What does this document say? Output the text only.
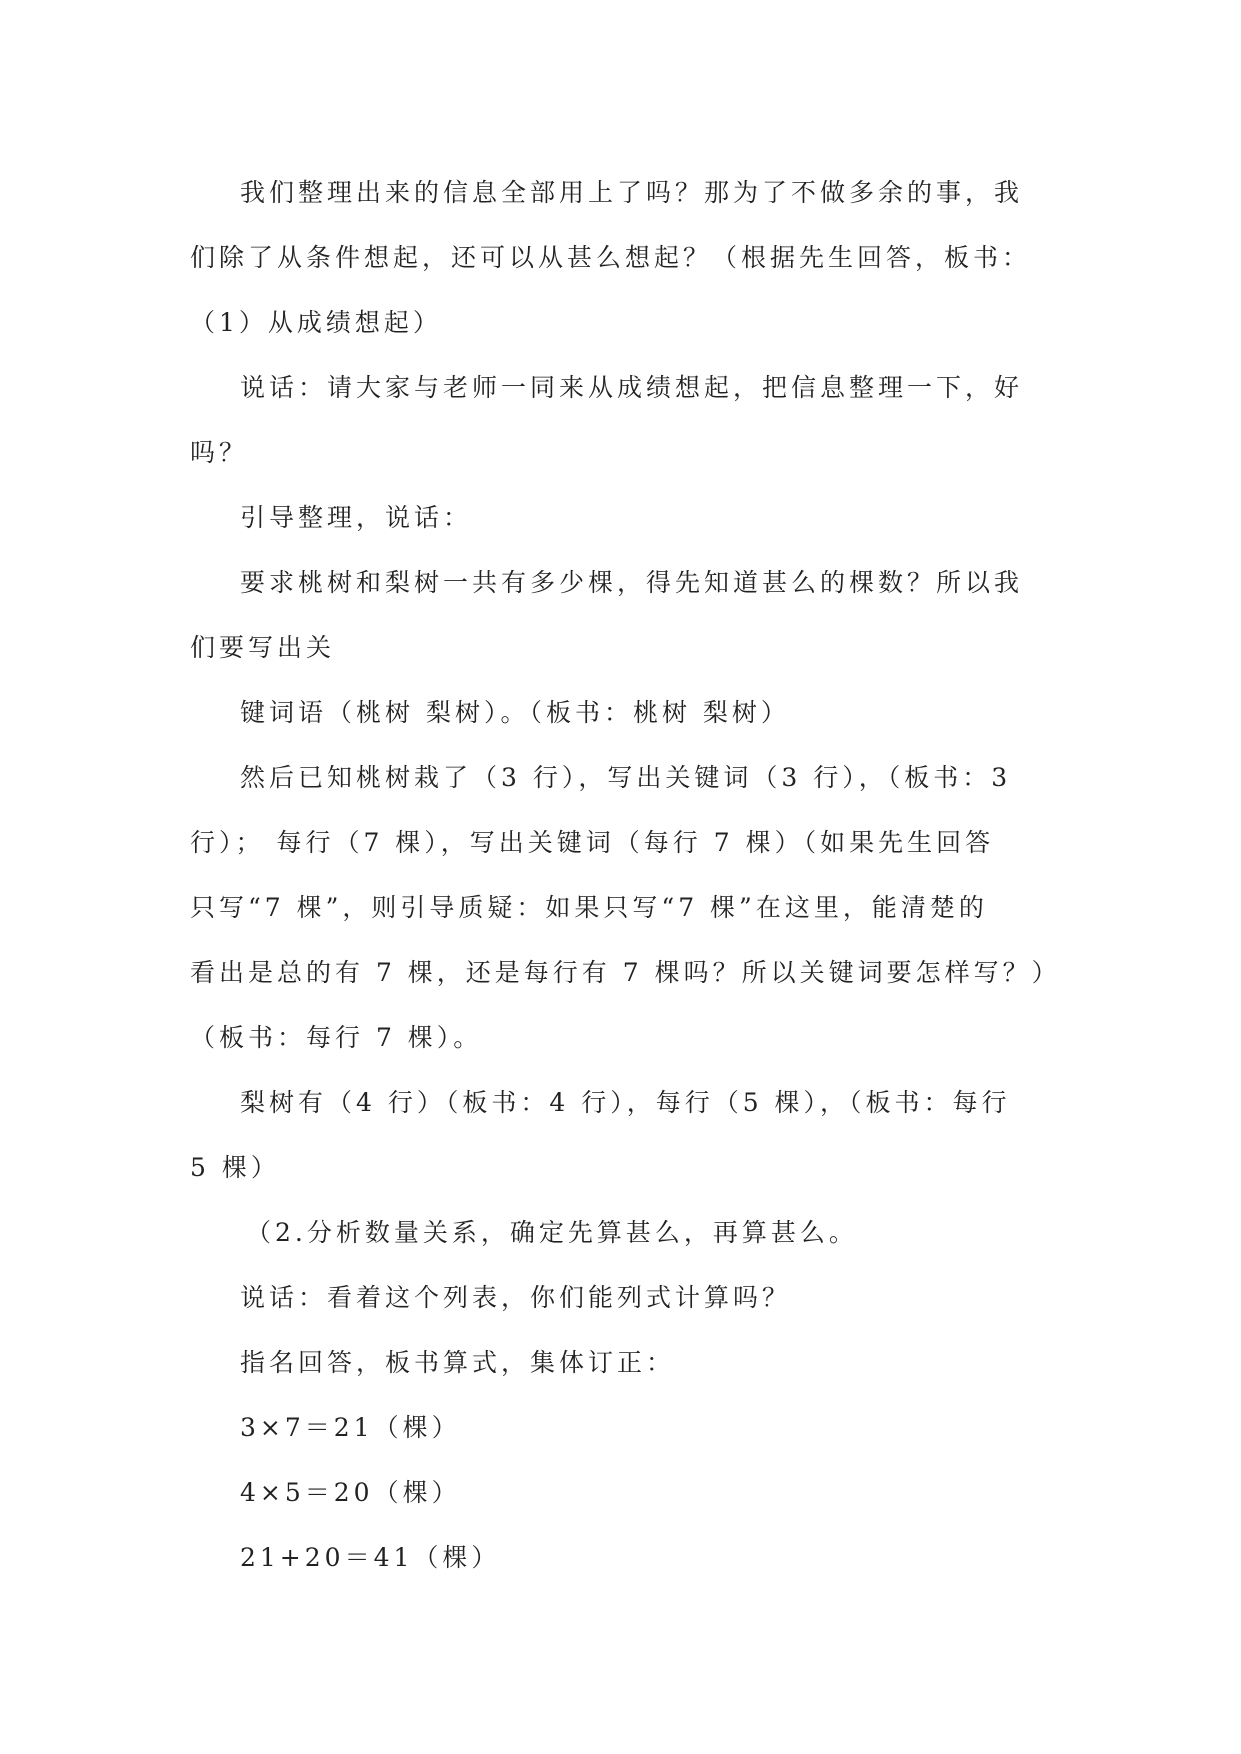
我们整理出来的信息全部用上了吗？那为了不做多余的事，我
们除了从条件想起，还可以从甚么想起？（根据先生回答，板书：
（1）从成绩想起）
说话：请大家与老师一同来从成绩想起，把信息整理一下，好
吗？
引导整理，说话：
要求桃树和梨树一共有多少棵，得先知道甚么的棵数？所以我
们要写出关
键词语（桃树 梨树）。（板书：桃树 梨树）
然后已知桃树栽了（3 行），写出关键词（3 行），（板书：3
行）； 每行（7 棵），写出关键词（每行 7 棵）（如果先生回答
只写“7 棵”，则引导质疑：如果只写“7 棵”在这里，能清楚的
看出是总的有 7 棵，还是每行有 7 棵吗？所以关键词要怎样写？）
（板书：每行 7 棵）。
梨树有（4 行）（板书：4 行），每行（5 棵），（板书：每行
5 棵）
（2.分析数量关系，确定先算甚么，再算甚么。
说话：看着这个列表，你们能列式计算吗？
指名回答，板书算式，集体订正：
3×7＝21（棵）
4×5＝20（棵）
21+20＝41（棵）
